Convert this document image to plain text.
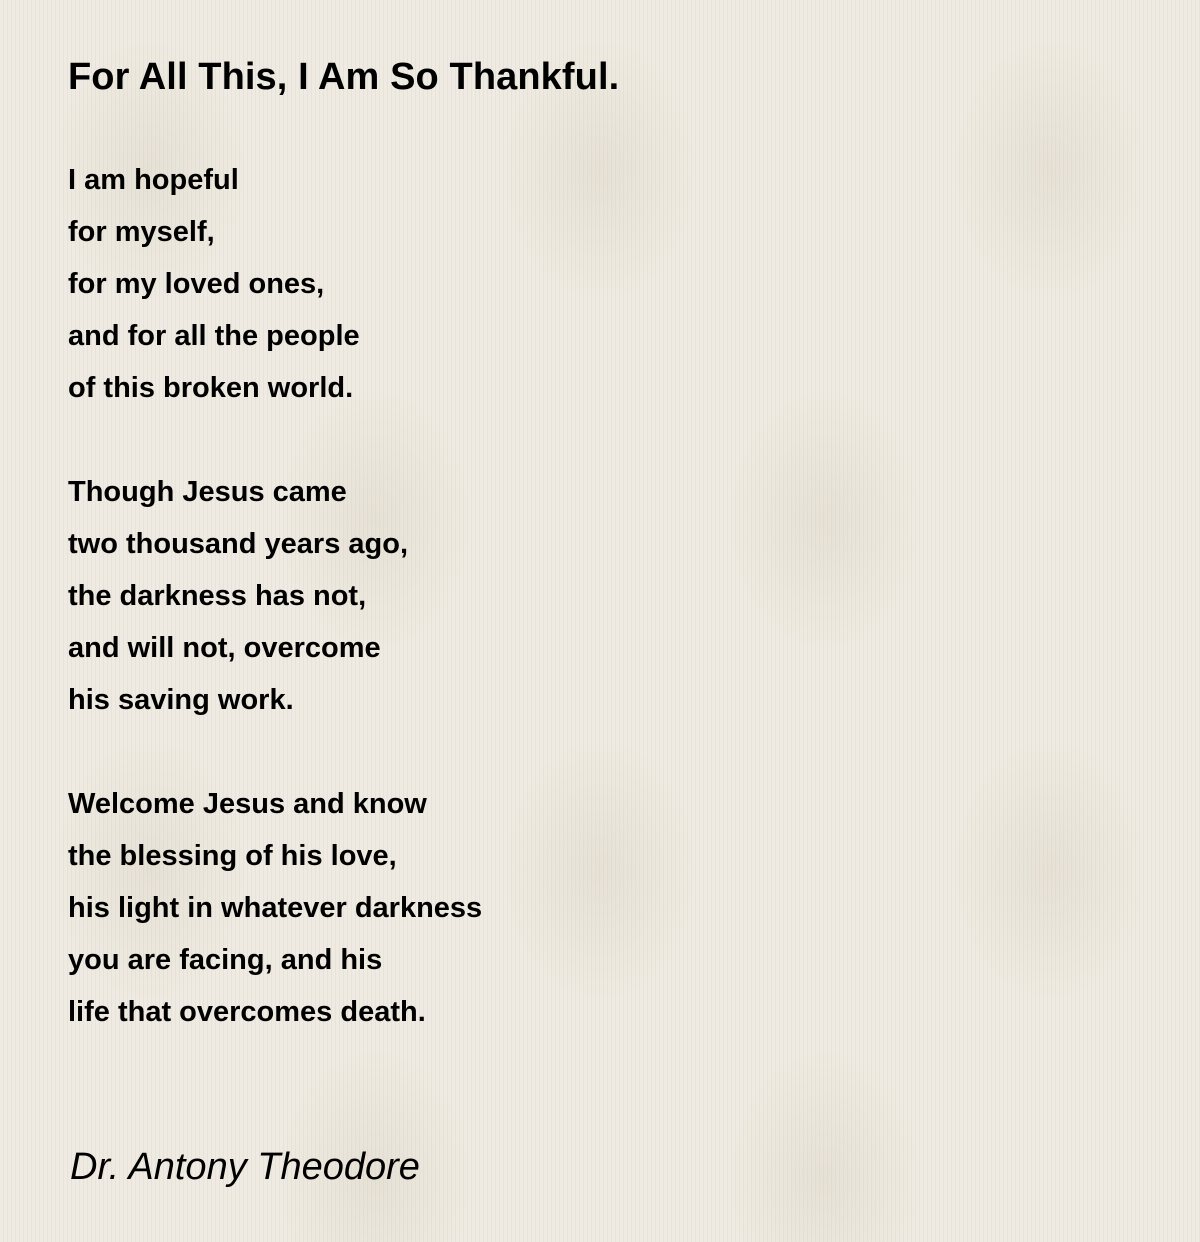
For All This, I Am So Thankful.
I am hopeful
for myself,
for my loved ones,
and for all the people
of this broken world.
Though Jesus came
two thousand years ago,
the darkness has not,
and will not, overcome
his saving work.
Welcome Jesus and know
the blessing of his love,
his light in whatever darkness
you are facing, and his
life that overcomes death.

Dr. Antony Theodore
